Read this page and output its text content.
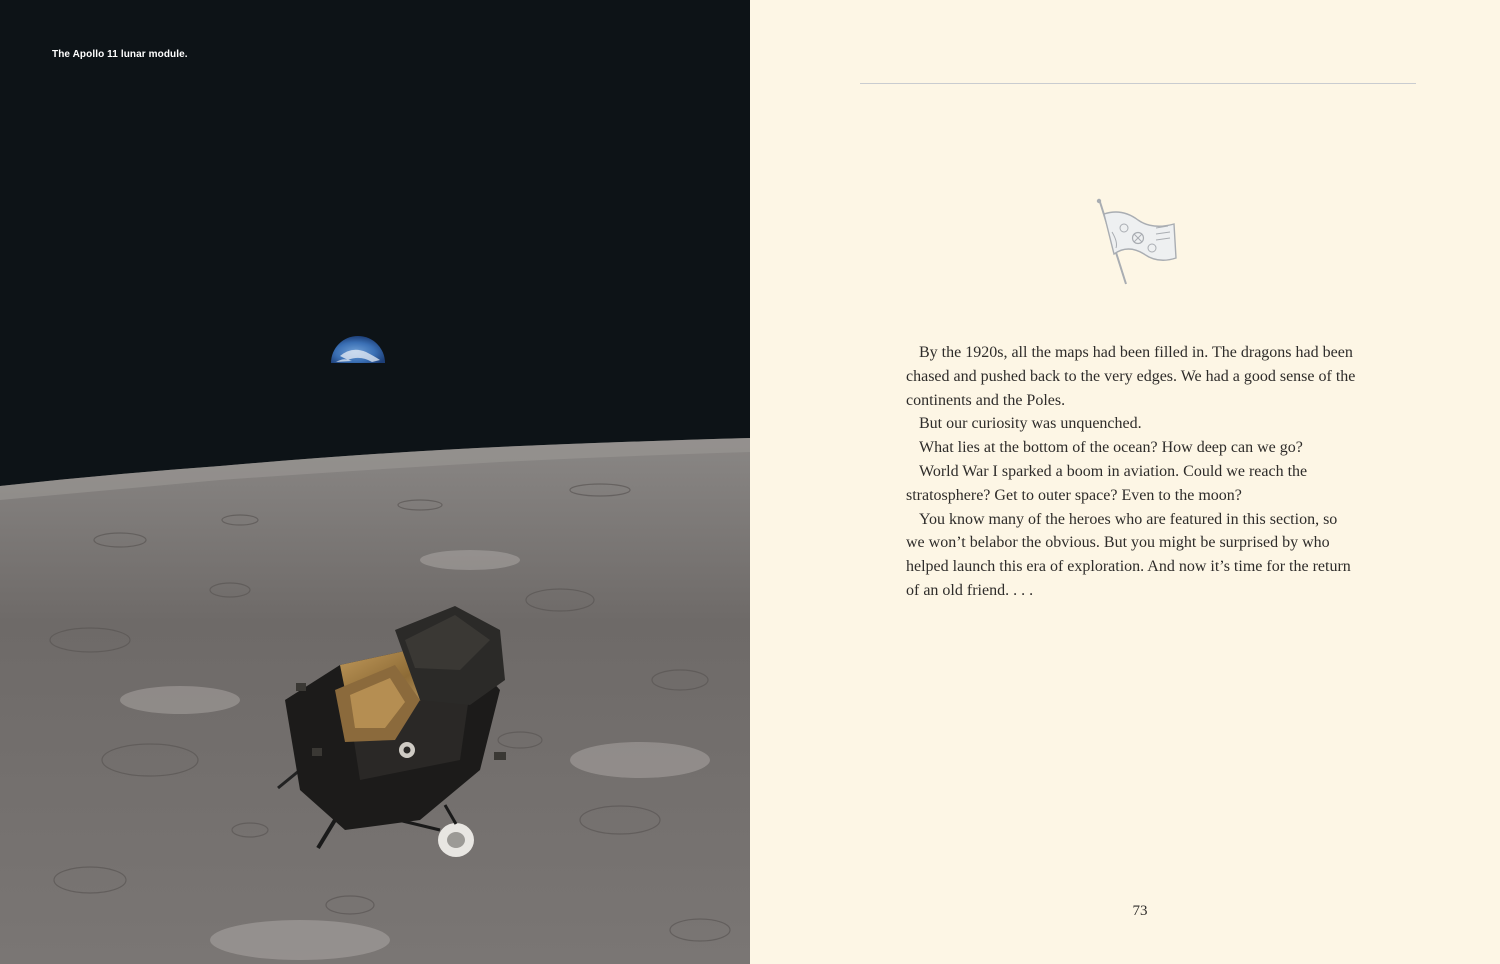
The Apollo 11 lunar module.

By the 1920s, all the maps had been filled in. The dragons had been chased and pushed back to the very edges. We had a good sense of the continents and the Poles.

But our curiosity was unquenched.

What lies at the bottom of the ocean? How deep can we go?

World War I sparked a boom in aviation. Could we reach the stratosphere? Get to outer space? Even to the moon?

You know many of the heroes who are featured in this section, so we won’t belabor the obvious. But you might be surprised by who helped launch this era of exploration. And now it’s time for the return of an old friend. . . .

73
